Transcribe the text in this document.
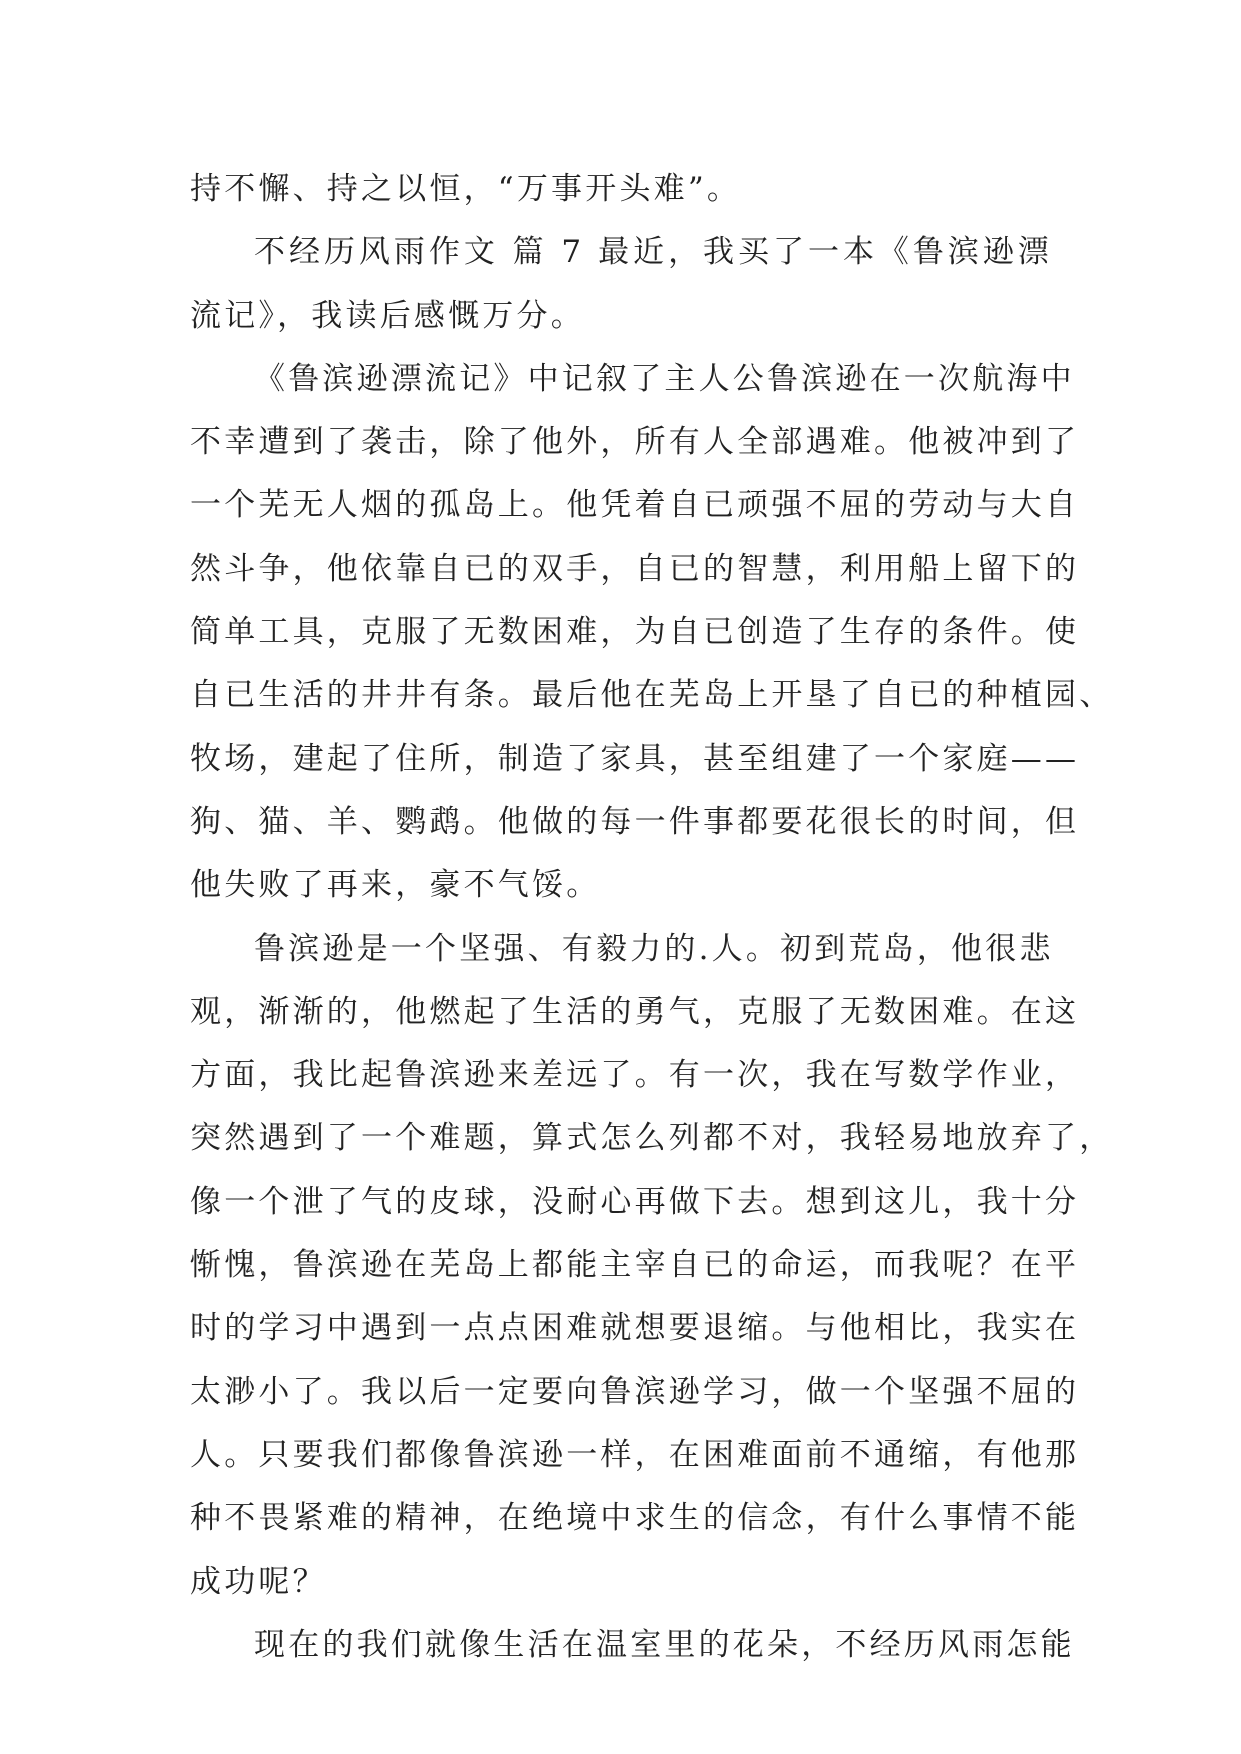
持不懈、持之以恒，“万事开头难”。
不经历风雨作文 篇 7 最近，我买了一本《鲁滨逊漂
流记》，我读后感慨万分。
《鲁滨逊漂流记》中记叙了主人公鲁滨逊在一次航海中
不幸遭到了袭击，除了他外，所有人全部遇难。他被冲到了
一个芜无人烟的孤岛上。他凭着自已顽强不屈的劳动与大自
然斗争，他依靠自已的双手，自已的智慧，利用船上留下的
简单工具，克服了无数困难，为自已创造了生存的条件。使
自已生活的井井有条。最后他在芜岛上开垦了自已的种植园、
牧场，建起了住所，制造了家具，甚至组建了一个家庭——
狗、猫、羊、鹦鹉。他做的每一件事都要花很长的时间，但
他失败了再来，豪不气馁。
鲁滨逊是一个坚强、有毅力的.人。初到荒岛，他很悲
观，渐渐的，他燃起了生活的勇气，克服了无数困难。在这
方面，我比起鲁滨逊来差远了。有一次，我在写数学作业，
突然遇到了一个难题，算式怎么列都不对，我轻易地放弃了，
像一个泄了气的皮球，没耐心再做下去。想到这儿，我十分
惭愧，鲁滨逊在芜岛上都能主宰自已的命运，而我呢？在平
时的学习中遇到一点点困难就想要退缩。与他相比，我实在
太渺小了。我以后一定要向鲁滨逊学习，做一个坚强不屈的
人。只要我们都像鲁滨逊一样，在困难面前不通缩，有他那
种不畏紧难的精神，在绝境中求生的信念，有什么事情不能
成功呢？
现在的我们就像生活在温室里的花朵，不经历风雨怎能
